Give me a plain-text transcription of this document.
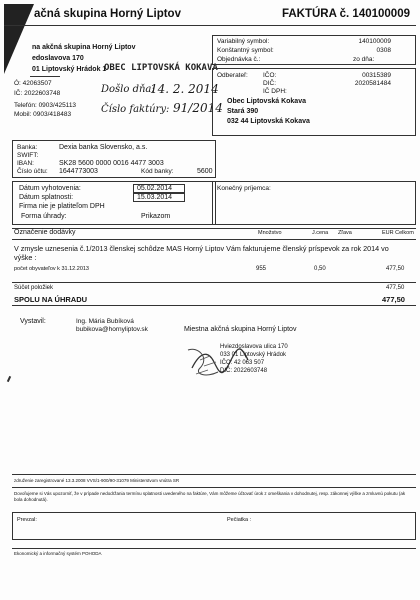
ačná skupina Horný Liptov	FAKTÚRA č. 140100009
na akčná skupina Horný Liptov
edoslavova 170
01 Liptovský Hrádok 1
Ó: 42063507
IČ: 2022603748
Telefón: 0903/425113
Mobil: 0903/418483
OBEC LIPTOVSKÁ KOKAVA
Došlo dňa:
14. 2. 2014
Číslo faktúry: 91/2014
Variabilný symbol:	140100009
Konštantný symbol:	0308
Objednávka č.:	zo dňa:
Odberateľ: IČO:	00315389
DIČ:	2020581484
IČ DPH:
Obec Liptovská Kokava
Stará 390
032 44 Liptovská Kokava
Banka:	Dexia banka Slovensko, a.s.
SWIFT:
IBAN:	SK28 5600 0000 0016 4477 3003
Číslo účtu: 1644773003	Kód banky:	5600
Dátum vyhotovenia:	05.02.2014
Dátum splatnosti:	15.03.2014
Firma nie je platiteľom DPH
Forma úhrady:	Prikazom
Konečný príjemca:
Označenie dodávky	Množstvo	J.cena Zľava	EUR Celkom
V zmysle uznesenia č.1/2013 členskej schôdze MAS Horný Liptov Vám fakturujeme členský príspevok za rok 2014 vo výške :
počet obyvateľov k 31.12.2013	955	0,50	477,50
Súčet položiek	477,50
SPOLU NA ÚHRADU	477,50
Vystavil:	Ing. Mária Bubíková
bubikova@hornyliptov.sk	Miestna akčná skupina Horný Liptov
Hviezdoslavova ulica 170
033 01 Liptovský Hrádok
IČO: 42 063 507
DIČ: 2022603748
združenie zaregistrované 13.3.2008 VVS/1-900/90-31079 Ministerstvom vnútra SR
Dovoľujeme si Vás upozorniť, že v prípade nedodržania termínu splatnosti uvedeného na faktúre, Vám môžeme účtovať úrok z omeškania v dohodnutej, resp. zákonnej výške a zmluvnú pokutu (ak bola dohodnutá).
Prevzal:	Pečiatka :
Ekonomický a informačný systém POHODA
